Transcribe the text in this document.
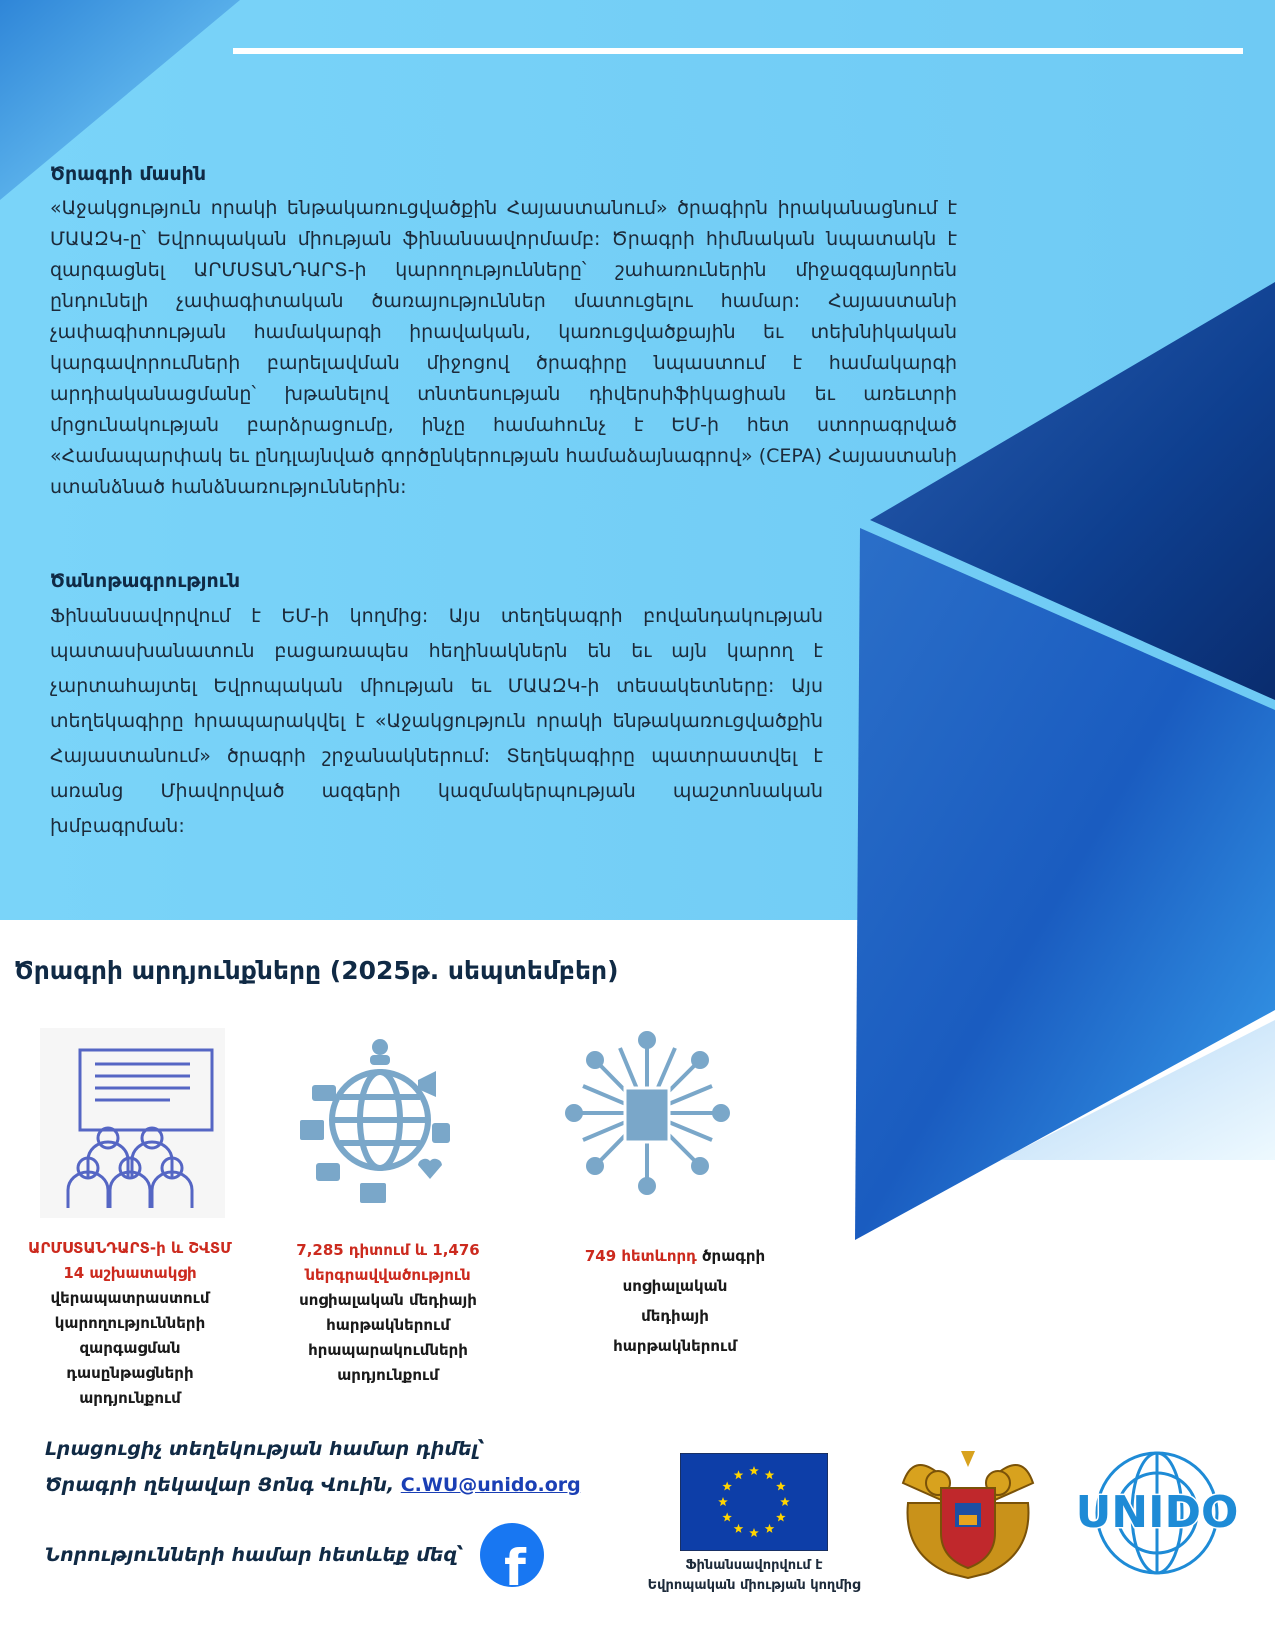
Ծրագրի մասին
«Աջակցություն որակի ենթակառուցվածքին Հայաստանում» ծրագիրն իրականացնում է ՄԱԱԶԿ-ը՝ Եվրոպական միության ֆինանսավորմամբ: Ծրագրի հիմնական նպատակն է զարգացնել ԱՐՄՍՏԱՆԴԱՐՏ-ի կարողությունները՝ շահառուներին միջազգայնորեն ընդունելի չափագիտական ծառայություններ մատուցելու համար: Հայաստանի չափագիտության համակարգի իրավական, կառուցվածքային եւ տեխնիկական կարգավորումների բարելավման միջոցով ծրագիրը նպաստում է համակարգի արդիականացմանը՝ խթանելով տնտեսության դիվերսիֆիկացիան եւ առեւտրի մրցունակության բարձրացումը, ինչը համահունչ է ԵՄ-ի հետ ստորագրված «Համապարփակ եւ ընդլայնված գործընկերության համաձայնագրով» (CEPA) Հայաստանի ստանձնած հանձնառություններին:
Ծանոթագրություն
Ֆինանսավորվում է ԵՄ-ի կողմից: Այս տեղեկագրի բովանդակության պատասխանատուն բացառապես հեղինակներն են եւ այն կարող է չարտահայտել Եվրոպական միության եւ ՄԱԱԶԿ-ի տեսակետները: Այս տեղեկագիրը հրապարակվել է «Աջակցություն որակի ենթակառուցվածքին Հայաստանում» ծրագրի շրջանակներում: Տեղեկագիրը պատրաստվել է առանց Միավորված ազգերի կազմակերպության պաշտոնական խմբագրման:
Ծրագրի արդյունքները (2025թ. սեպտեմբեր)
ԱՐՄՍՏԱՆԴԱՐՏ-ի և ՇՎՏՄ
14 աշխատակցի
վերապատրաստում կարողությունների զարգացման դասընթացների արդյունքում
7,285 դիտում և 1,476
ներգրավվածություն
սոցիալական մեդիայի հարթակներում հրապարակումների արդյունքում
749 հետևորդ ծրագրի
սոցիալական մեդիայի հարթակներում
Լրացուցիչ տեղեկության համար դիմել՝
Ծրագրի ղեկավար Ցոնգ Վուին, C.WU@unido.org
Նորությունների համար հետևեք մեզ՝ f	Ֆինանսավորվում է
Եվրոպական միության կողմից
UNIDO
